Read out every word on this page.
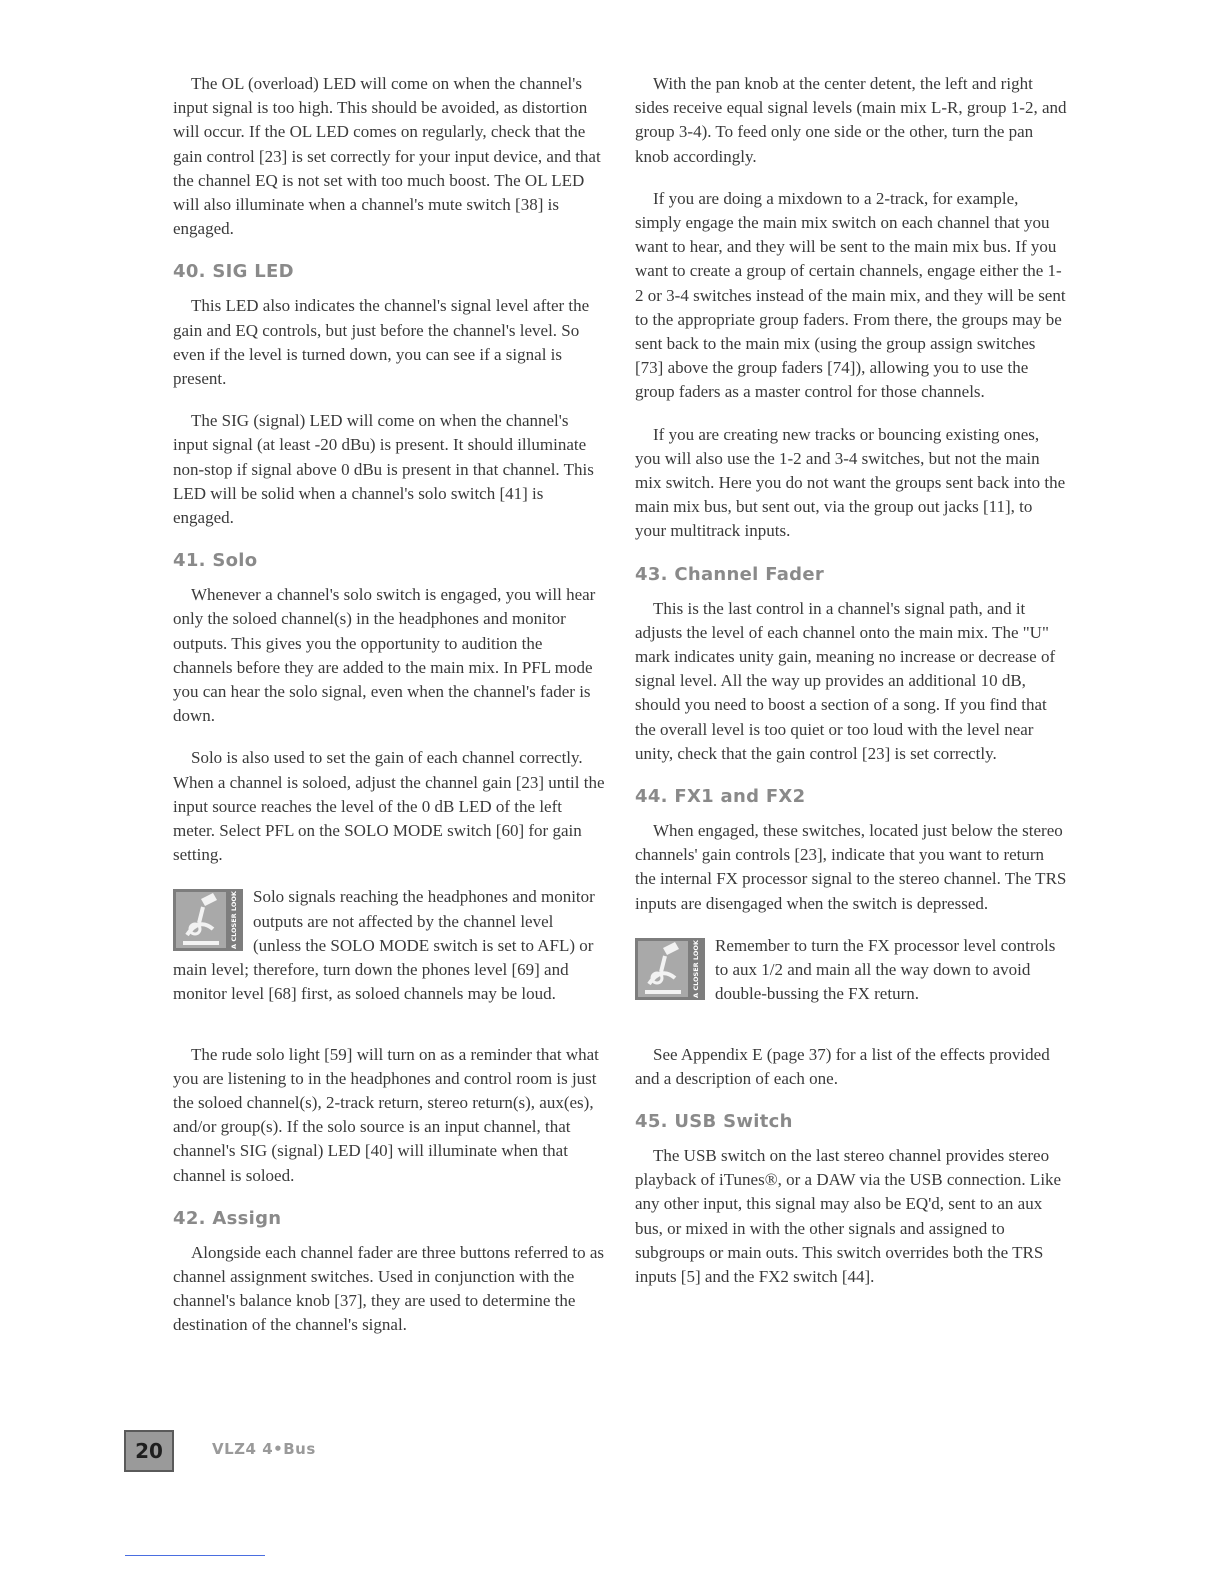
The OL (overload) LED will come on when the channel's input signal is too high. This should be avoided, as distortion will occur. If the OL LED comes on regularly, check that the gain control [23] is set correctly for your input device, and that the channel EQ is not set with too much boost. The OL LED will also illuminate when a channel's mute switch [38] is engaged.

40. SIG LED

This LED also indicates the channel's signal level after the gain and EQ controls, but just before the channel's level. So even if the level is turned down, you can see if a signal is present.

The SIG (signal) LED will come on when the channel's input signal (at least -20 dBu) is present. It should illuminate non-stop if signal above 0 dBu is present in that channel. This LED will be solid when a channel's solo switch [41] is engaged.

41. Solo

Whenever a channel's solo switch is engaged, you will hear only the soloed channel(s) in the headphones and monitor outputs. This gives you the opportunity to audition the channels before they are added to the main mix. In PFL mode you can hear the solo signal, even when the channel's fader is down.

Solo is also used to set the gain of each channel correctly. When a channel is soloed, adjust the channel gain [23] until the input source reaches the level of the 0 dB LED of the left meter. Select PFL on the SOLO MODE switch [60] for gain setting.

A CLOSER LOOK Solo signals reaching the headphones and monitor outputs are not affected by the channel level (unless the SOLO MODE switch is set to AFL) or main level; therefore, turn down the phones level [69] and monitor level [68] first, as soloed channels may be loud.

The rude solo light [59] will turn on as a reminder that what you are listening to in the headphones and control room is just the soloed channel(s), 2-track return, stereo return(s), aux(es), and/or group(s). If the solo source is an input channel, that channel's SIG (signal) LED [40] will illuminate when that channel is soloed.

42. Assign

Alongside each channel fader are three buttons referred to as channel assignment switches. Used in conjunction with the channel's balance knob [37], they are used to determine the destination of the channel's signal.

With the pan knob at the center detent, the left and right sides receive equal signal levels (main mix L-R, group 1-2, and group 3-4). To feed only one side or the other, turn the pan knob accordingly.

If you are doing a mixdown to a 2-track, for example, simply engage the main mix switch on each channel that you want to hear, and they will be sent to the main mix bus. If you want to create a group of certain channels, engage either the 1-2 or 3-4 switches instead of the main mix, and they will be sent to the appropriate group faders. From there, the groups may be sent back to the main mix (using the group assign switches [73] above the group faders [74]), allowing you to use the group faders as a master control for those channels.

If you are creating new tracks or bouncing existing ones, you will also use the 1-2 and 3-4 switches, but not the main mix switch. Here you do not want the groups sent back into the main mix bus, but sent out, via the group out jacks [11], to your multitrack inputs.

43. Channel Fader

This is the last control in a channel's signal path, and it adjusts the level of each channel onto the main mix. The "U" mark indicates unity gain, meaning no increase or decrease of signal level. All the way up provides an additional 10 dB, should you need to boost a section of a song. If you find that the overall level is too quiet or too loud with the level near unity, check that the gain control [23] is set correctly.

44. FX1 and FX2

When engaged, these switches, located just below the stereo channels' gain controls [23], indicate that you want to return the internal FX processor signal to the stereo channel. The TRS inputs are disengaged when the switch is depressed.

A CLOSER LOOK Remember to turn the FX processor level controls to aux 1/2 and main all the way down to avoid double-bussing the FX return.

See Appendix E (page 37) for a list of the effects provided and a description of each one.

45. USB Switch

The USB switch on the last stereo channel provides stereo playback of iTunes®, or a DAW via the USB connection. Like any other input, this signal may also be EQ'd, sent to an aux bus, or mixed in with the other signals and assigned to subgroups or main outs. This switch overrides both the TRS inputs [5] and the FX2 switch [44].

20	VLZ4 4•Bus
